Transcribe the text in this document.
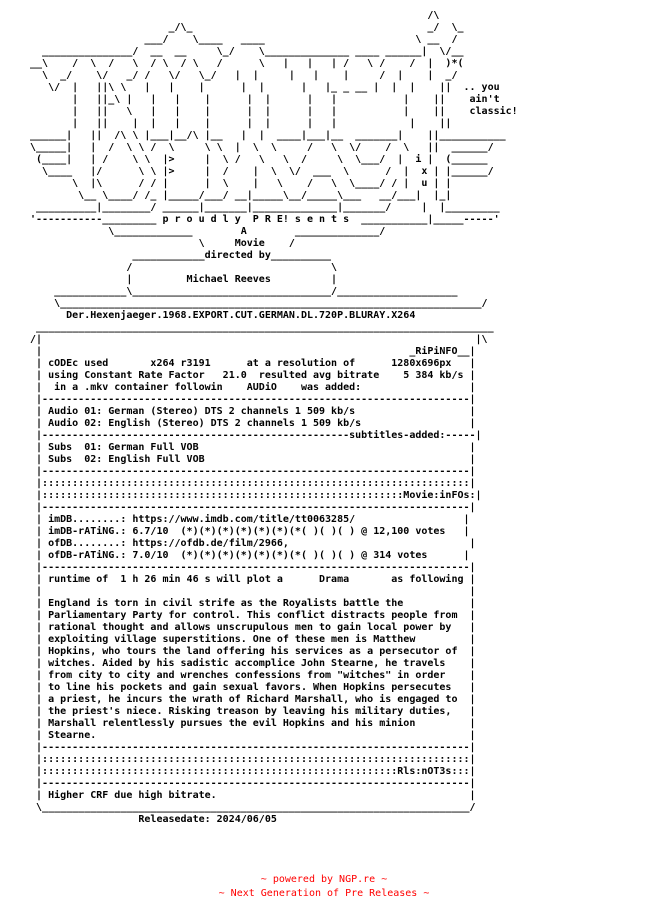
/\
_/\_                                       _/  \_
___/    \____   ____                         \ __  /
_______________/  __  __     \_/    \______________ ____ ______|  \/__
__\    /  \  /   \  / \  / \   /      \   |   |   | /   \ /    /  |  )*(
\  _/    \/   _/ /   \/   \_/   |  |     |   |    |     /  |    |  _/
\/  |   ||\ \   |   |    |      |  |      |   |_ _ __ |  |  |    ||  .. you
|   ||_\ |   |   |    |      |  |      |   |           |    ||    ain't
|   ||   \   |   |    |      |  |      |   |           |    ||    classic!
|   ||    |  |   |    |      |  |      |   |            |    ||
______|   ||  /\ \ |___|__/\ |__   |  |  ____|___|__  _______|    ||___________
\_____|   |  /  \ \ /  \     \ \  |  \  \     /   \  \/    /  \   ||  ______/
(____|   | /    \ \  |>     |  \ /   \   \  /     \  \___/  |  i |  (______
\____   |/      \ \ |>     |  /    |  \  \/  ___  \      /  |  x | |______/
\  |\      / / |      |  \    |   \    /   \  \____/ / |  u | |
\__ \____/ /_ |_____/___/ __|_____\__/_____\___   __/___|  |_|
__________|________/ ______|_______|______________|_______/     |  |_________
'-----------_________ p r o u d l y  P R E! s e n t s  ___________|_____-----'
\_____________        A        ______________/
\     Movie    /
____________directed by__________
/                                 \
|         Michael Reeves          |
____________\_________________________________/____________________
\______________________________________________________________________/
Der.Hexenjaeger.1968.EXPORT.CUT.GERMAN.DL.720P.BLURAY.X264
____________________________________________________________________________
/|                                                                        |\
|                                                             _RiPiNFO__|
| cODEc used       x264 r3191      at a resolution of      1280x696px   |
| using Constant Rate Factor   21.0  resulted avg bitrate    5 384 kb/s |
|  in a .mkv container followin    AUDiO    was added:                  |
|-----------------------------------------------------------------------|
| Audio 01: German (Stereo) DTS 2 channels 1 509 kb/s                   |
| Audio 02: English (Stereo) DTS 2 channels 1 509 kb/s                  |
|---------------------------------------------------subtitles-added:-----|
| Subs  01: German Full VOB                                             |
| Subs  02: English Full VOB                                            |
|-----------------------------------------------------------------------|
|:::::::::::::::::::::::::::::::::::::::::::::::::::::::::::::::::::::::|
|::::::::::::::::::::::::::::::::::::::::::::::::::::::::::::Movie:inFOs:|
|-----------------------------------------------------------------------|
| imDB........: https://www.imdb.com/title/tt0063285/                  |
| imDB-rATiNG.: 6.7/10  (*)(*)(*)(*)(*)(*)(*( )( )( ) @ 12,100 votes   |
| ofDB........: https://ofdb.de/film/2966,                              |
| ofDB-rATiNG.: 7.0/10  (*)(*)(*)(*)(*)(*)(*( )( )( ) @ 314 votes      |
|-----------------------------------------------------------------------|
| runtime of  1 h 26 min 46 s will plot a      Drama       as following |
|                                                                       |
| England is torn in civil strife as the Royalists battle the           |
| Parliamentary Party for control. This conflict distracts people from  |
| rational thought and allows unscrupulous men to gain local power by   |
| exploiting village superstitions. One of these men is Matthew         |
| Hopkins, who tours the land offering his services as a persecutor of  |
| witches. Aided by his sadistic accomplice John Stearne, he travels    |
| from city to city and wrenches confessions from "witches" in order    |
| to line his pockets and gain sexual favors. When Hopkins persecutes   |
| a priest, he incurs the wrath of Richard Marshall, who is engaged to  |
| the priest's niece. Risking treason by leaving his military duties,   |
| Marshall relentlessly pursues the evil Hopkins and his minion         |
| Stearne.                                                              |
|-----------------------------------------------------------------------|
|:::::::::::::::::::::::::::::::::::::::::::::::::::::::::::::::::::::::|
|:::::::::::::::::::::::::::::::::::::::::::::::::::::::::::Rls:nOT3s:::|
|-----------------------------------------------------------------------|
| Higher CRF due high bitrate.                                          |
\_______________________________________________________________________/
Releasedate: 2024/06/05
~ powered by NGP.re ~
~ Next Generation of Pre Releases ~
